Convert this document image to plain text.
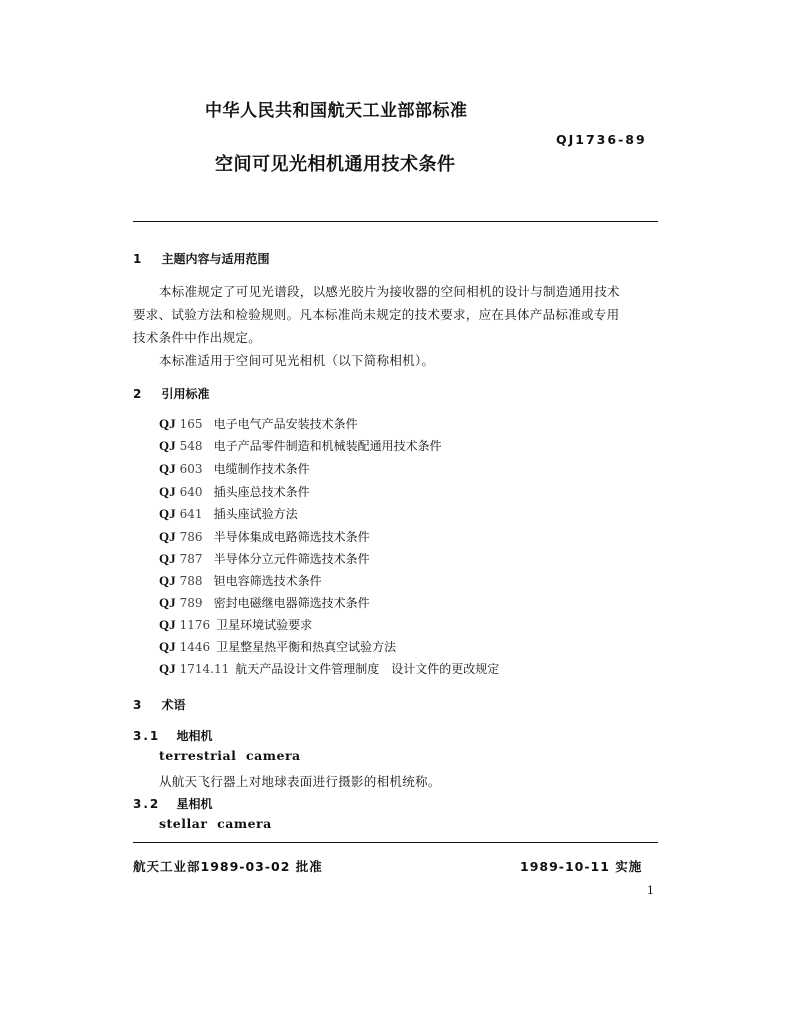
中华人民共和国航天工业部部标准
QJ1736-89
空间可见光相机通用技术条件
1 主题内容与适用范围
本标准规定了可见光谱段，以感光胶片为接收器的空间相机的设计与制造通用技术
要求、试验方法和检验规则。凡本标准尚未规定的技术要求，应在具体产品标准或专用
技术条件中作出规定。
本标准适用于空间可见光相机（以下简称相机）。
2 引用标准
QJ 165 电子电气产品安装技术条件
QJ 548 电子产品零件制造和机械装配通用技术条件
QJ 603 电缆制作技术条件
QJ 640 插头座总技术条件
QJ 641 插头座试验方法
QJ 786 半导体集成电路筛选技术条件
QJ 787 半导体分立元件筛选技术条件
QJ 788 钽电容筛选技术条件
QJ 789 密封电磁继电器筛选技术条件
QJ 1176 卫星环境试验要求
QJ 1446 卫星整星热平衡和热真空试验方法
QJ 1714.11 航天产品设计文件管理制度　设计文件的更改规定
3 术语
3.1 地相机
terrestrial  camera
从航天飞行器上对地球表面进行摄影的相机统称。
3.2 星相机
stellar  camera
航天工业部1989-03-02 批准	1989-10-11 实施
1
